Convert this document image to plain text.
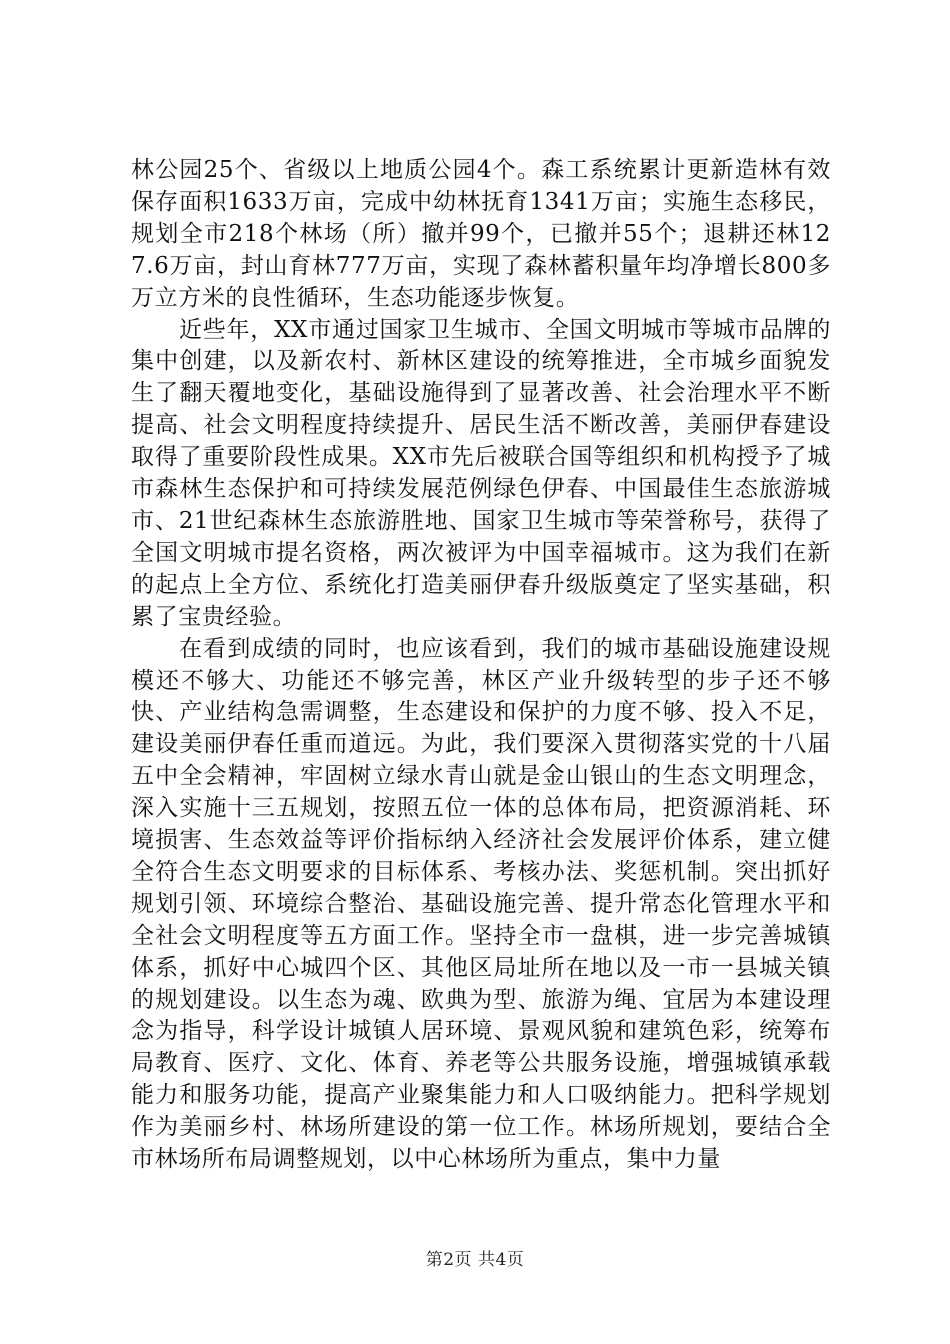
林公园25个、省级以上地质公园4个。森工系统累计更新造林有效保存面积1633万亩，完成中幼林抚育1341万亩；实施生态移民，规划全市218个林场（所）撤并99个，已撤并55个；退耕还林127.6万亩，封山育林777万亩，实现了森林蓄积量年均净增长800多万立方米的良性循环，生态功能逐步恢复。

近些年，XX市通过国家卫生城市、全国文明城市等城市品牌的集中创建，以及新农村、新林区建设的统筹推进，全市城乡面貌发生了翻天覆地变化，基础设施得到了显著改善、社会治理水平不断提高、社会文明程度持续提升、居民生活不断改善，美丽伊春建设取得了重要阶段性成果。XX市先后被联合国等组织和机构授予了城市森林生态保护和可持续发展范例绿色伊春、中国最佳生态旅游城市、21世纪森林生态旅游胜地、国家卫生城市等荣誉称号，获得了全国文明城市提名资格，两次被评为中国幸福城市。这为我们在新的起点上全方位、系统化打造美丽伊春升级版奠定了坚实基础，积累了宝贵经验。

在看到成绩的同时，也应该看到，我们的城市基础设施建设规模还不够大、功能还不够完善，林区产业升级转型的步子还不够快、产业结构急需调整，生态建设和保护的力度不够、投入不足，建设美丽伊春任重而道远。为此，我们要深入贯彻落实党的十八届五中全会精神，牢固树立绿水青山就是金山银山的生态文明理念，深入实施十三五规划，按照五位一体的总体布局，把资源消耗、环境损害、生态效益等评价指标纳入经济社会发展评价体系，建立健全符合生态文明要求的目标体系、考核办法、奖惩机制。突出抓好规划引领、环境综合整治、基础设施完善、提升常态化管理水平和全社会文明程度等五方面工作。坚持全市一盘棋，进一步完善城镇体系，抓好中心城四个区、其他区局址所在地以及一市一县城关镇的规划建设。以生态为魂、欧典为型、旅游为绳、宜居为本建设理念为指导，科学设计城镇人居环境、景观风貌和建筑色彩，统筹布局教育、医疗、文化、体育、养老等公共服务设施，增强城镇承载能力和服务功能，提高产业聚集能力和人口吸纳能力。把科学规划作为美丽乡村、林场所建设的第一位工作。林场所规划，要结合全市林场所布局调整规划，以中心林场所为重点，集中力量

第2页 共4页
